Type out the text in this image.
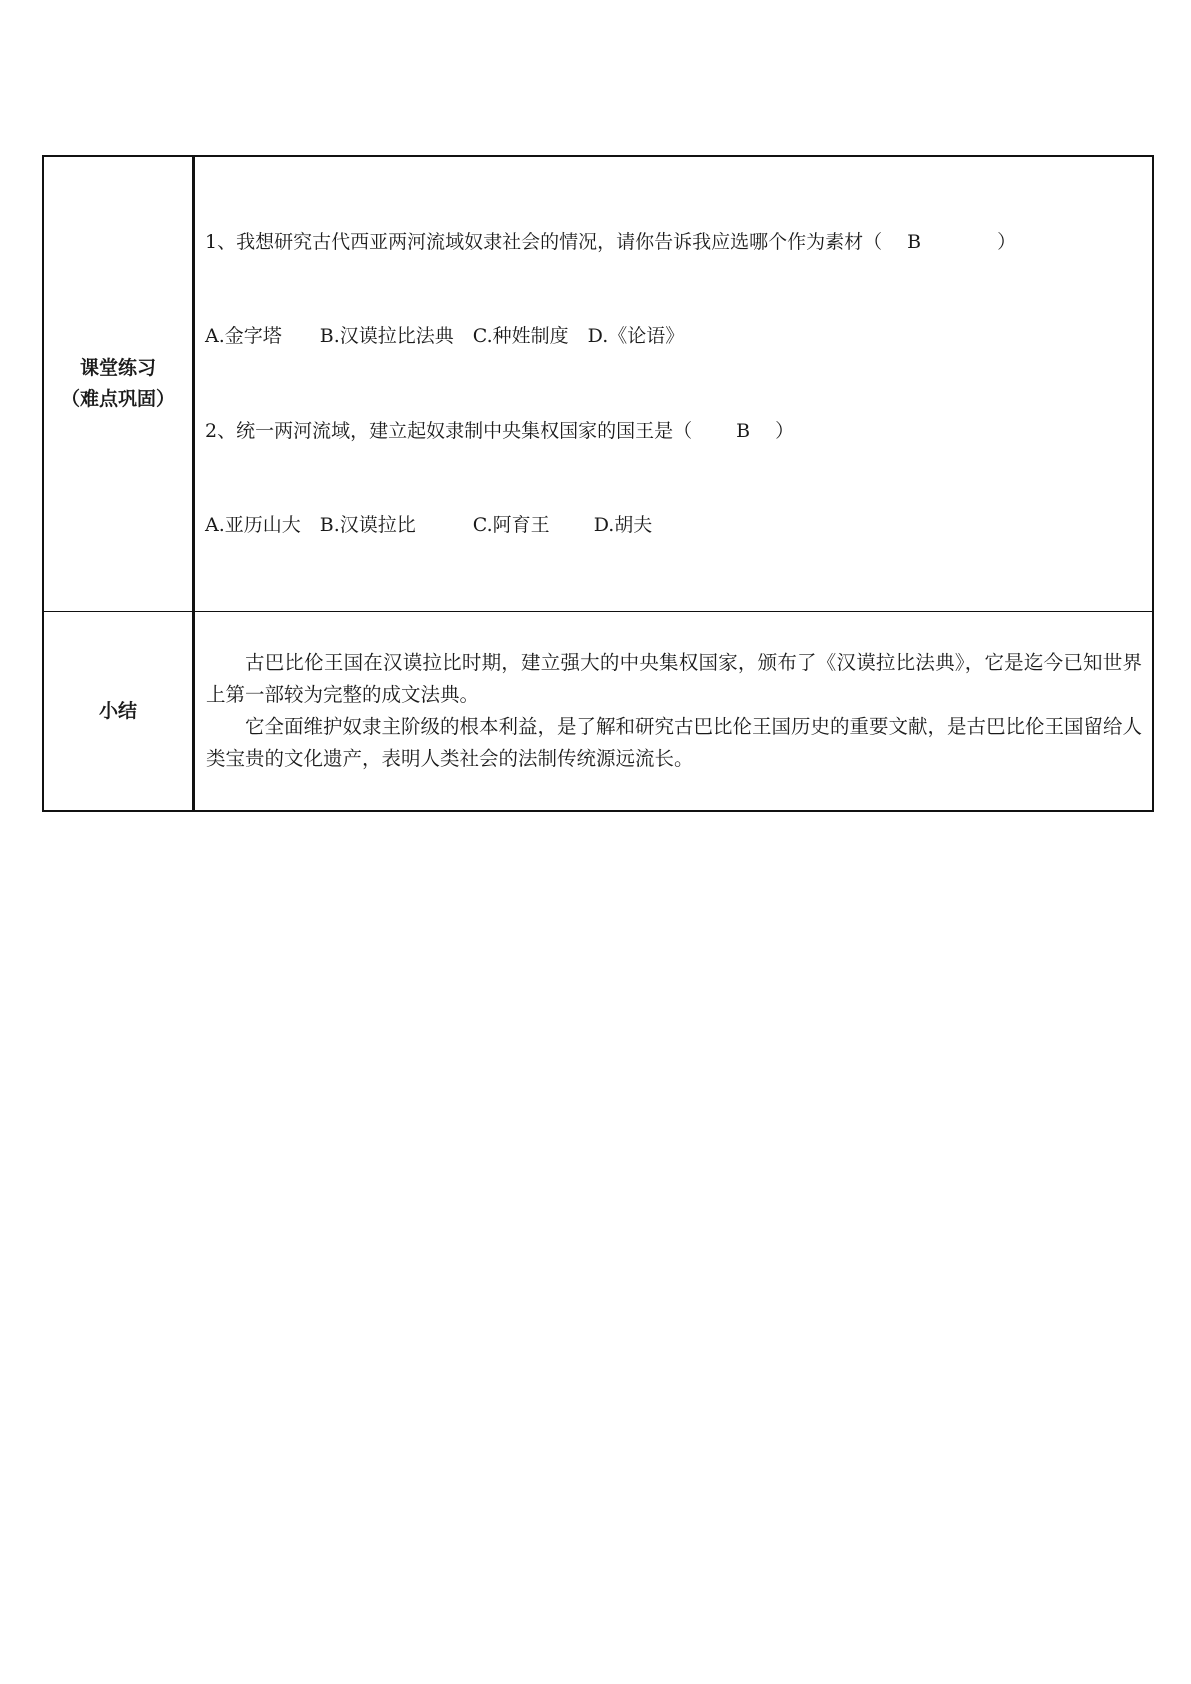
课堂练习
（难点巩固）	1、我想研究古代西亚两河流域奴隶社会的情况，请你告诉我应选哪个作为素材（　 B　　　　）

A.金字塔　　B.汉谟拉比法典　C.种姓制度　D.《论语》

2、统一两河流域，建立起奴隶制中央集权国家的国王是（　　 B　 ）

A.亚历山大　B.汉谟拉比　　　C.阿育王　　 D.胡夫

小结	古巴比伦王国在汉谟拉比时期，建立强大的中央集权国家，颁布了《汉谟拉比法典》，它是迄今已知世界上第一部较为完整的成文法典。

它全面维护奴隶主阶级的根本利益，是了解和研究古巴比伦王国历史的重要文献，是古巴比伦王国留给人类宝贵的文化遗产，表明人类社会的法制传统源远流长。
